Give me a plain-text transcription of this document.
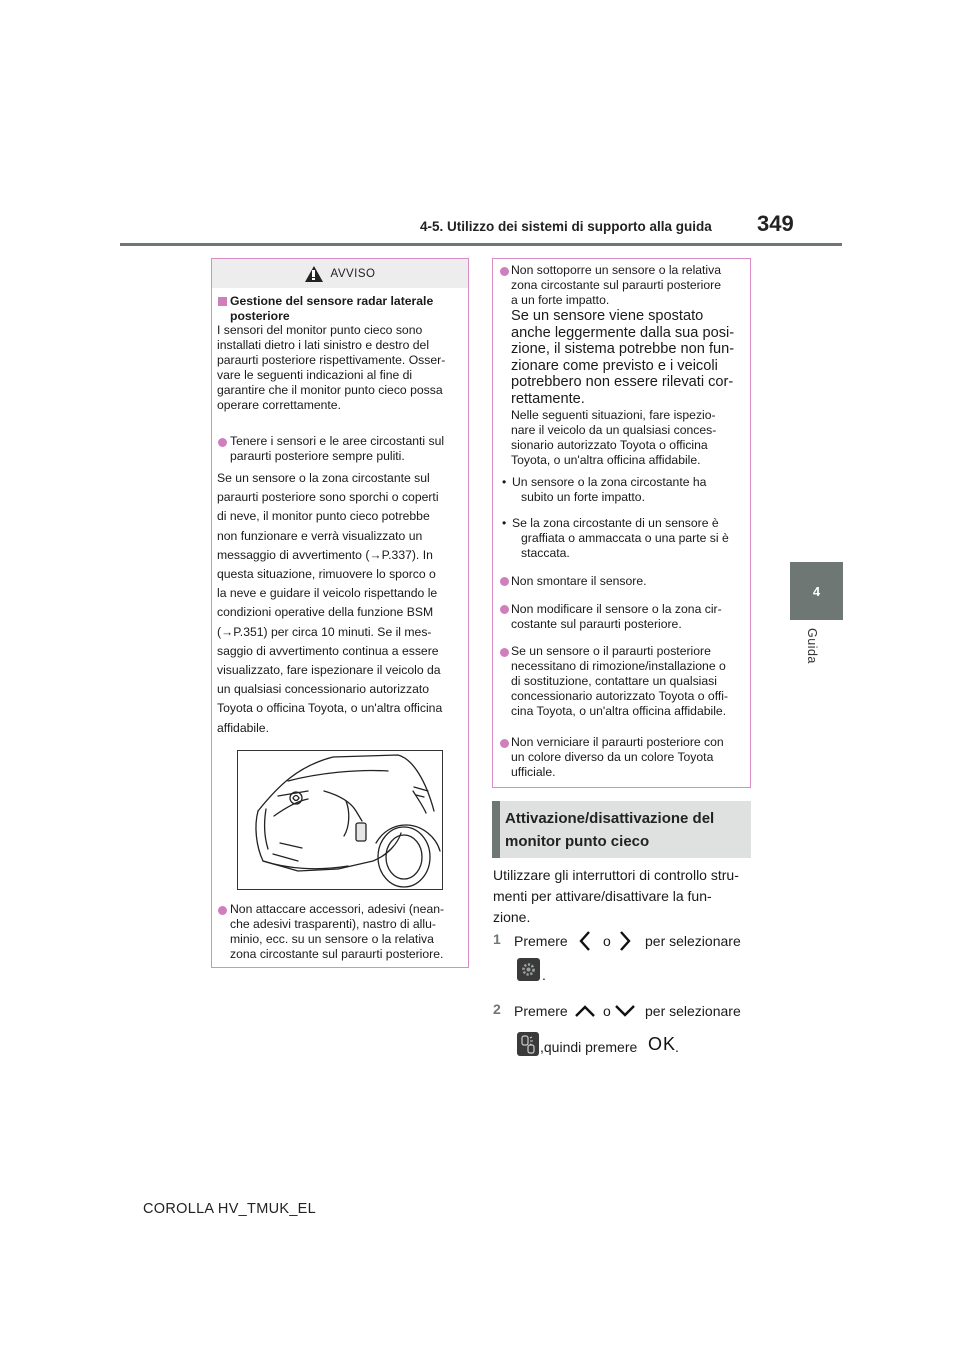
4-5. Utilizzo dei sistemi di supporto alla guida 349
4
Guida
AVVISO
Gestione del sensore radar laterale posteriore
I sensori del monitor punto cieco sono
installati dietro i lati sinistro e destro del
paraurti posteriore rispettivamente. Osser-
vare le seguenti indicazioni al fine di
garantire che il monitor punto cieco possa
operare correttamente.
Tenere i sensori e le aree circostanti sul
paraurti posteriore sempre puliti.
Se un sensore o la zona circostante sul
paraurti posteriore sono sporchi o coperti
di neve, il monitor punto cieco potrebbe
non funzionare e verrà visualizzato un
messaggio di avvertimento (→P.337). In
questa situazione, rimuovere lo sporco o
la neve e guidare il veicolo rispettando le
condizioni operative della funzione BSM
(→P.351) per circa 10 minuti. Se il mes-
saggio di avvertimento continua a essere
visualizzato, fare ispezionare il veicolo da
un qualsiasi concessionario autorizzato
Toyota o officina Toyota, o un'altra officina
affidabile.
Non attaccare accessori, adesivi (nean-
che adesivi trasparenti), nastro di allu-
minio, ecc. su un sensore o la relativa
zona circostante sul paraurti posteriore.
Non sottoporre un sensore o la relativa
zona circostante sul paraurti posteriore
a un forte impatto.
Se un sensore viene spostato
anche leggermente dalla sua posi-
zione, il sistema potrebbe non fun-
zionare come previsto e i veicoli
potrebbero non essere rilevati cor-
rettamente.
Nelle seguenti situazioni, fare ispezio-
nare il veicolo da un qualsiasi conces-
sionario autorizzato Toyota o officina
Toyota, o un'altra officina affidabile.
• Un sensore o la zona circostante ha
subito un forte impatto.
• Se la zona circostante di un sensore è
graffiata o ammaccata o una parte si è
staccata.
Non smontare il sensore.
Non modificare il sensore o la zona cir-
costante sul paraurti posteriore.
Se un sensore o il paraurti posteriore
necessitano di rimozione/installazione o
di sostituzione, contattare un qualsiasi
concessionario autorizzato Toyota o offi-
cina Toyota, o un'altra officina affidabile.
Non verniciare il paraurti posteriore con
un colore diverso da un colore Toyota
ufficiale.
Attivazione/disattivazione del
monitor punto cieco
Utilizzare gli interruttori di controllo stru-
menti per attivare/disattivare la fun-
zione.
1 Premere	o per selezionare
.
2 Premere	o per selezionare
,quindi premere OK
.
COROLLA HV_TMUK_EL
